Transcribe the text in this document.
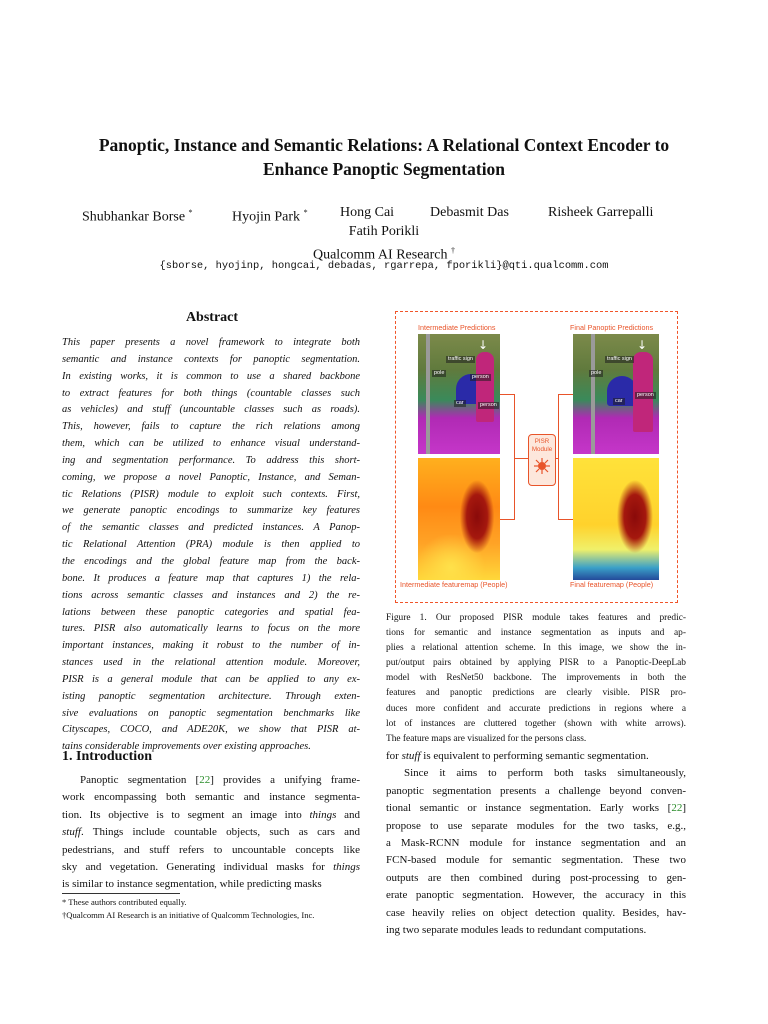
Panoptic, Instance and Semantic Relations: A Relational Context Encoder to
Enhance Panoptic Segmentation
Shubhankar Borse *	Hyojin Park * Hong Cai	Debasmit Das	Risheek Garrepalli
Fatih Porikli
Qualcomm AI Research †
{sborse, hyojinp, hongcai, debadas, rgarrepa, fporikli}@qti.qualcomm.com
Abstract
This paper presents a novel framework to integrate both
semantic and instance contexts for panoptic segmentation.
In existing works, it is common to use a shared backbone
to extract features for both things (countable classes such
as vehicles) and stuff (uncountable classes such as roads).
This, however, fails to capture the rich relations among
them, which can be utilized to enhance visual understand-
ing and segmentation performance. To address this short-
coming, we propose a novel Panoptic, Instance, and Seman-
tic Relations (PISR) module to exploit such contexts. First,
we generate panoptic encodings to summarize key features
of the semantic classes and predicted instances. A Panop-
tic Relational Attention (PRA) module is then applied to
the encodings and the global feature map from the back-
bone. It produces a feature map that captures 1) the rela-
tions across semantic classes and instances and 2) the re-
lations between these panoptic categories and spatial fea-
tures. PISR also automatically learns to focus on the more
important instances, making it robust to the number of in-
stances used in the relational attention module. Moreover,
PISR is a general module that can be applied to any ex-
isting panoptic segmentation architecture. Through exten-
sive evaluations on panoptic segmentation benchmarks like
Cityscapes, COCO, and ADE20K, we show that PISR at-
tains considerable improvements over existing approaches.
1. Introduction
Panoptic segmentation [22] provides a unifying frame-
work encompassing both semantic and instance segmenta-
tion. Its objective is to segment an image into things and
stuff. Things include countable objects, such as cars and
pedestrians, and stuff refers to uncountable concepts like
sky and vegetation. Generating individual masks for things
is similar to instance segmentation, while predicting masks
* These authors contributed equally.
†Qualcomm AI Research is an initiative of Qualcomm Technologies, Inc.
Intermediate Predictions	Final Panoptic Predictions
↓
traffic sign
pole
person
car	person
↓
traffic sign
pole
car
person
Intermediate featuremap (People)	Final featuremap (People)
PISR
Module
Figure 1. Our proposed PISR module takes features and predic-
tions for semantic and instance segmentation as inputs and ap-
plies a relational attention scheme. In this image, we show the in-
put/output pairs obtained by applying PISR to a Panoptic-DeepLab
model with ResNet50 backbone. The improvements in both the
features and panoptic predictions are clearly visible. PISR pro-
duces more confident and accurate predictions in regions where a
lot of instances are cluttered together (shown with white arrows).
The feature maps are visualized for the persons class.
for stuff is equivalent to performing semantic segmentation.
Since it aims to perform both tasks simultaneously,
panoptic segmentation presents a challenge beyond conven-
tional semantic or instance segmentation. Early works [22]
propose to use separate modules for the two tasks, e.g.,
a Mask-RCNN module for instance segmentation and an
FCN-based module for semantic segmentation. These two
outputs are then combined during post-processing to gen-
erate panoptic segmentation. However, the accuracy in this
case heavily relies on object detection quality. Besides, hav-
ing two separate modules leads to redundant computations.
